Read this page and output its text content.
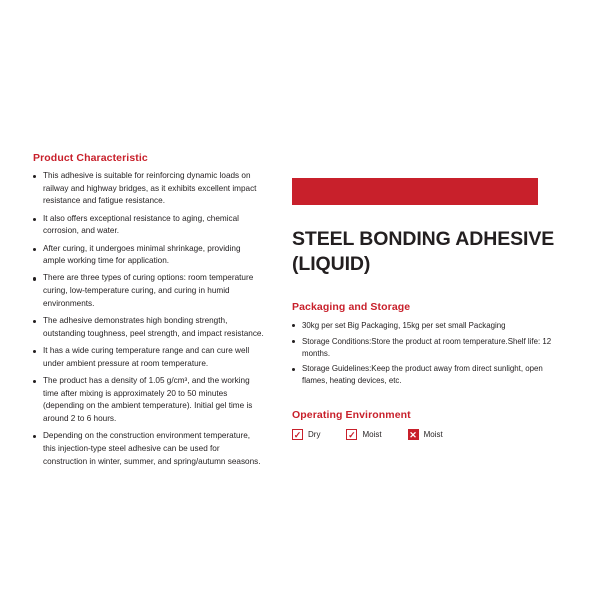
Product Characteristic
This adhesive is suitable for reinforcing dynamic loads on railway and highway bridges, as it exhibits excellent impact resistance and fatigue resistance.
It also offers exceptional resistance to aging, chemical corrosion, and water.
After curing, it undergoes minimal shrinkage, providing ample working time for application.
There are three types of curing options: room temperature curing, low-temperature curing, and curing in humid environments.
The adhesive demonstrates high bonding strength, outstanding toughness, peel strength, and impact resistance.
It has a wide curing temperature range and can cure well under ambient pressure at room temperature.
The product has a density of 1.05 g/cm³, and the working time after mixing is approximately 20 to 50 minutes (depending on the ambient temperature). Initial gel time is around 2 to 6 hours.
Depending on the construction environment temperature, this injection-type steel adhesive can be used for construction in winter, summer, and spring/autumn seasons.
STEEL BONDING ADHESIVE (LIQUID)
Packaging and Storage
30kg per set Big Packaging, 15kg per set small Packaging
Storage Conditions:Store the product at room temperature.Shelf life: 12 months.
Storage Guidelines:Keep the product away from direct sunlight, open flames, heating devices, etc.
Operating Environment
✓ Dry	✓ Moist	✕ Moist
